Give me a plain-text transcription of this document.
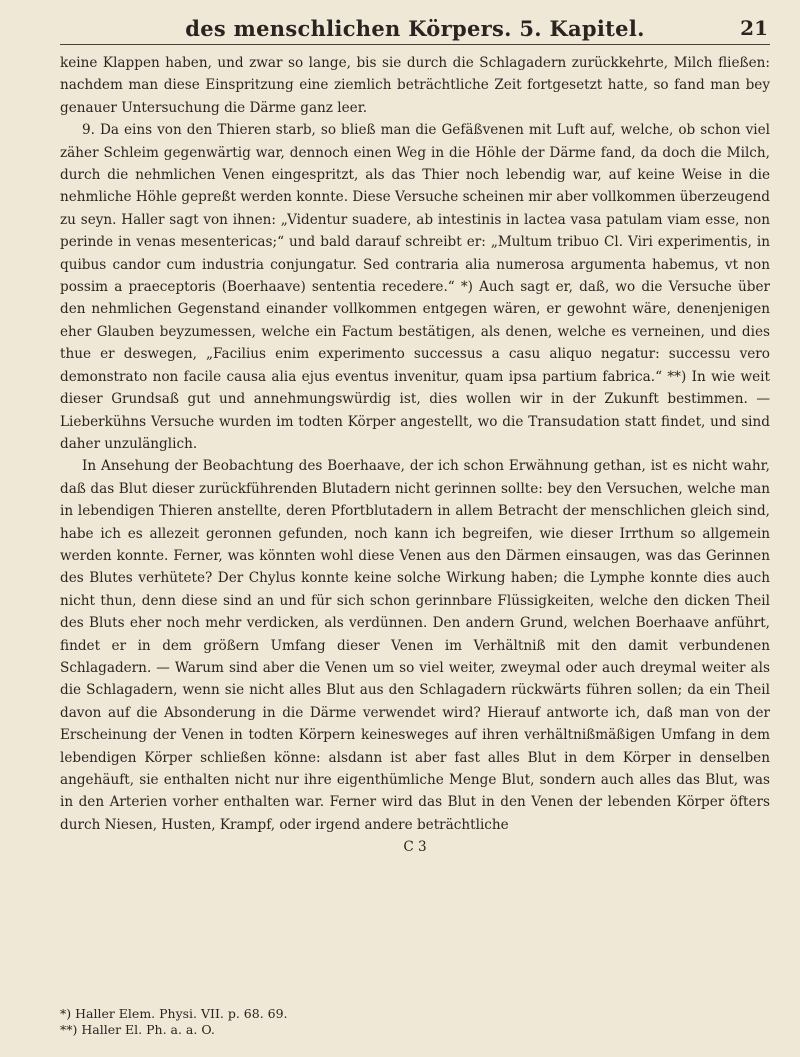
des menschlichen Körpers. 5. Kapitel.	21

keine Klappen haben, und zwar so lange, bis sie durch die Schlagadern zurückkehrte, Milch fließen: nachdem man diese Einspritzung eine ziemlich beträchtliche Zeit fortgesetzt hatte, so fand man bey genauer Untersuchung die Därme ganz leer.

9. Da eins von den Thieren starb, so bließ man die Gefäßvenen mit Luft auf, welche, ob schon viel zäher Schleim gegenwärtig war, dennoch einen Weg in die Höhle der Därme fand, da doch die Milch, durch die nehmlichen Venen eingespritzt, als das Thier noch lebendig war, auf keine Weise in die nehmliche Höhle gepreßt werden konnte. Diese Versuche scheinen mir aber vollkommen überzeugend zu seyn. Haller sagt von ihnen: „Videntur suadere, ab intestinis in lactea vasa patulam viam esse, non perinde in venas mesentericas;“ und bald darauf schreibt er: „Multum tribuo Cl. Viri experimentis, in quibus candor cum industria conjungatur. Sed contraria alia numerosa argumenta habemus, vt non possim a praeceptoris (Boerhaave) sententia recedere.“ *) Auch sagt er, daß, wo die Versuche über den nehmlichen Gegenstand einander vollkommen entgegen wären, er gewohnt wäre, denenjenigen eher Glauben beyzumessen, welche ein Factum bestätigen, als denen, welche es verneinen, und dies thue er deswegen, „Facilius enim experimento successus a casu aliquo negatur: successu vero demonstrato non facile causa alia ejus eventus invenitur, quam ipsa partium fabrica.“ **) In wie weit dieser Grundsaß gut und annehmungswürdig ist, dies wollen wir in der Zukunft bestimmen. — Lieberkühns Versuche wurden im todten Körper angestellt, wo die Transudation statt findet, und sind daher unzulänglich.

In Ansehung der Beobachtung des Boerhaave, der ich schon Erwähnung gethan, ist es nicht wahr, daß das Blut dieser zurückführenden Blutadern nicht gerinnen sollte: bey den Versuchen, welche man in lebendigen Thieren anstellte, deren Pfortblutadern in allem Betracht der menschlichen gleich sind, habe ich es allezeit geronnen gefunden, noch kann ich begreifen, wie dieser Irrthum so allgemein werden konnte. Ferner, was könnten wohl diese Venen aus den Därmen einsaugen, was das Gerinnen des Blutes verhütete? Der Chylus konnte keine solche Wirkung haben; die Lymphe konnte dies auch nicht thun, denn diese sind an und für sich schon gerinnbare Flüssigkeiten, welche den dicken Theil des Bluts eher noch mehr verdicken, als verdünnen. Den andern Grund, welchen Boerhaave anführt, findet er in dem größern Umfang dieser Venen im Verhältniß mit den damit verbundenen Schlagadern. — Warum sind aber die Venen um so viel weiter, zweymal oder auch dreymal weiter als die Schlagadern, wenn sie nicht alles Blut aus den Schlagadern rückwärts führen sollen; da ein Theil davon auf die Absonderung in die Därme verwendet wird? Hierauf antworte ich, daß man von der Erscheinung der Venen in todten Körpern keinesweges auf ihren verhältnißmäßigen Umfang in dem lebendigen Körper schließen könne: alsdann ist aber fast alles Blut in dem Körper in denselben angehäuft, sie enthalten nicht nur ihre eigenthümliche Menge Blut, sondern auch alles das Blut, was in den Arterien vorher enthalten war. Ferner wird das Blut in den Venen der lebenden Körper öfters durch Niesen, Husten, Krampf, oder irgend andere beträchtliche

C 3

*) Haller Elem. Physi. VII. p. 68. 69.

**) Haller El. Ph. a. a. O.
